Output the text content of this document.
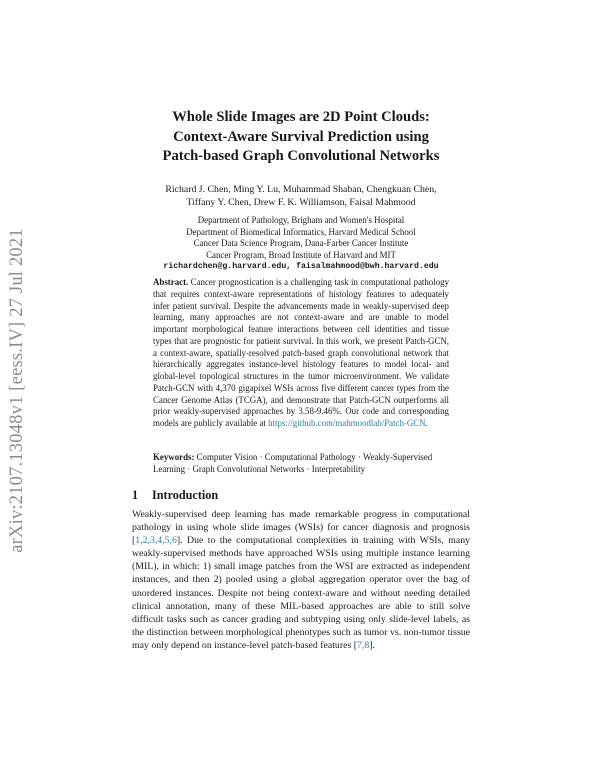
arXiv:2107.13048v1 [eess.IV] 27 Jul 2021
Whole Slide Images are 2D Point Clouds:
Context-Aware Survival Prediction using
Patch-based Graph Convolutional Networks
Richard J. Chen, Ming Y. Lu, Muhammad Shaban, Chengkuan Chen,
Tiffany Y. Chen, Drew F. K. Williamson, Faisal Mahmood
Department of Pathology, Brigham and Women's Hospital
Department of Biomedical Informatics, Harvard Medical School
Cancer Data Science Program, Dana-Farber Cancer Institute
Cancer Program, Broad Institute of Harvard and MIT
richardchen@g.harvard.edu, faisalmahmood@bwh.harvard.edu

Abstract. Cancer prognostication is a challenging task in computational pathology that requires context-aware representations of histology features to adequately infer patient survival. Despite the advancements made in weakly-supervised deep learning, many approaches are not context-aware and are unable to model important morphological feature interactions between cell identities and tissue types that are prognostic for patient survival. In this work, we present Patch-GCN, a context-aware, spatially-resolved patch-based graph convolutional network that hierarchically aggregates instance-level histology features to model local- and global-level topological structures in the tumor microenvironment. We validate Patch-GCN with 4,370 gigapixel WSIs across five different cancer types from the Cancer Genome Atlas (TCGA), and demonstrate that Patch-GCN outperforms all prior weakly-supervised approaches by 3.58-9.46%. Our code and corresponding models are publicly available at https://github.com/mahmoodlab/Patch-GCN.

Keywords: Computer Vision · Computational Pathology · Weakly-Supervised Learning · Graph Convolutional Networks · Interpretability

1 Introduction

Weakly-supervised deep learning has made remarkable progress in computational pathology in using whole slide images (WSIs) for cancer diagnosis and prognosis [1,2,3,4,5,6]. Due to the computational complexities in training with WSIs, many weakly-supervised methods have approached WSIs using multiple instance learning (MIL), in which: 1) small image patches from the WSI are extracted as independent instances, and then 2) pooled using a global aggregation operator over the bag of unordered instances. Despite not being context-aware and without needing detailed clinical annotation, many of these MIL-based approaches are able to still solve difficult tasks such as cancer grading and subtyping using only slide-level labels, as the distinction between morphological phenotypes such as tumor vs. non-tumor tissue may only depend on instance-level patch-based features [7,8].
